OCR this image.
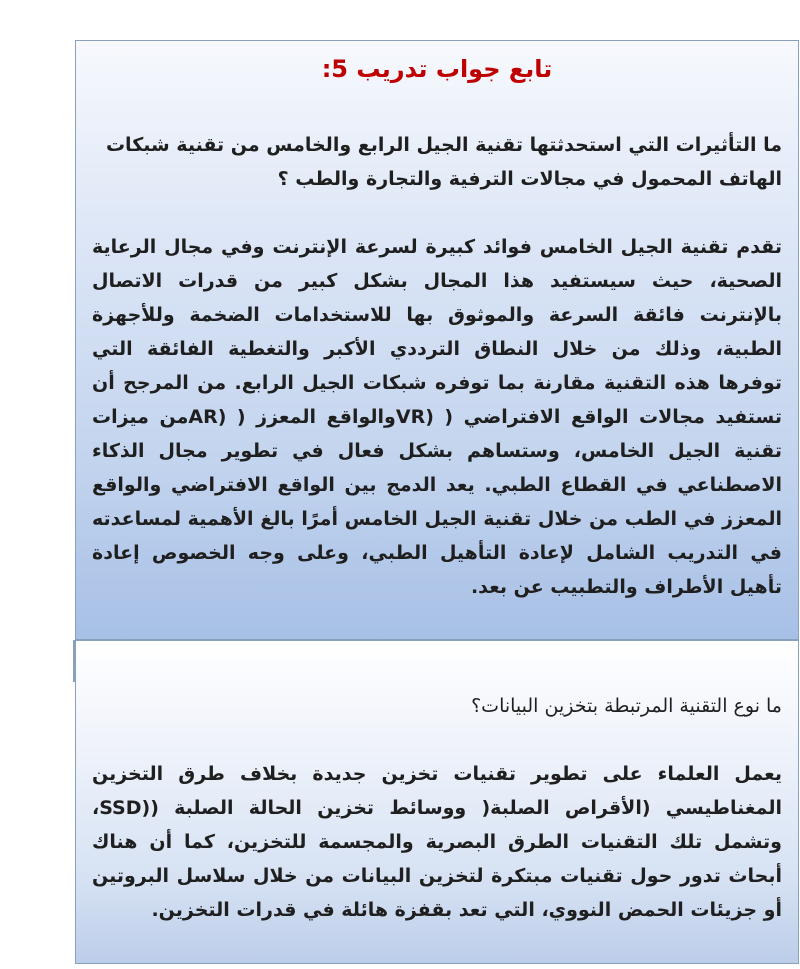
تابع جواب تدريب 5:

ما التأثيرات التي استحدثتها تقنية الجيل الرابع والخامس من تقنية شبكات الهاتف المحمول في مجالات الترفية والتجارة والطب ؟

تقدم تقنية الجيل الخامس فوائد كبيرة لسرعة الإنترنت وفي مجال الرعاية الصحية، حيث سيستفيد هذا المجال بشكل كبير من قدرات الاتصال بالإنترنت فائقة السرعة والموثوق بها للاستخدامات الضخمة وللأجهزة الطبية، وذلك من خلال النطاق الترددي الأكبر والتغطية الفائقة التي توفرها هذه التقنية مقارنة بما توفره شبكات الجيل الرابع. من المرجح أن تستفيد مجالات الواقع الافتراضي ( (VRوالواقع المعزز ( (ARمن ميزات تقنية الجيل الخامس، وستساهم بشكل فعال في تطوير مجال الذكاء الاصطناعي في القطاع الطبي. يعد الدمج بين الواقع الافتراضي والواقع المعزز في الطب من خلال تقنية الجيل الخامس أمرًا بالغ الأهمية لمساعدته في التدريب الشامل لإعادة التأهيل الطبي، وعلى وجه الخصوص إعادة تأهيل الأطراف والتطبيب عن بعد.

ما نوع التقنية المرتبطة بتخزين البيانات؟

يعمل العلماء على تطوير تقنيات تخزين جديدة بخلاف طرق التخزين المغناطيسي (الأقراص الصلبة( ووسائط تخزين الحالة الصلبة ((SSD، وتشمل تلك التقنيات الطرق البصرية والمجسمة للتخزين، كما أن هناك أبحاث تدور حول تقنيات مبتكرة لتخزين البيانات من خلال سلاسل البروتين أو جزيئات الحمض النووي، التي تعد بقفزة هائلة في قدرات التخزين.
